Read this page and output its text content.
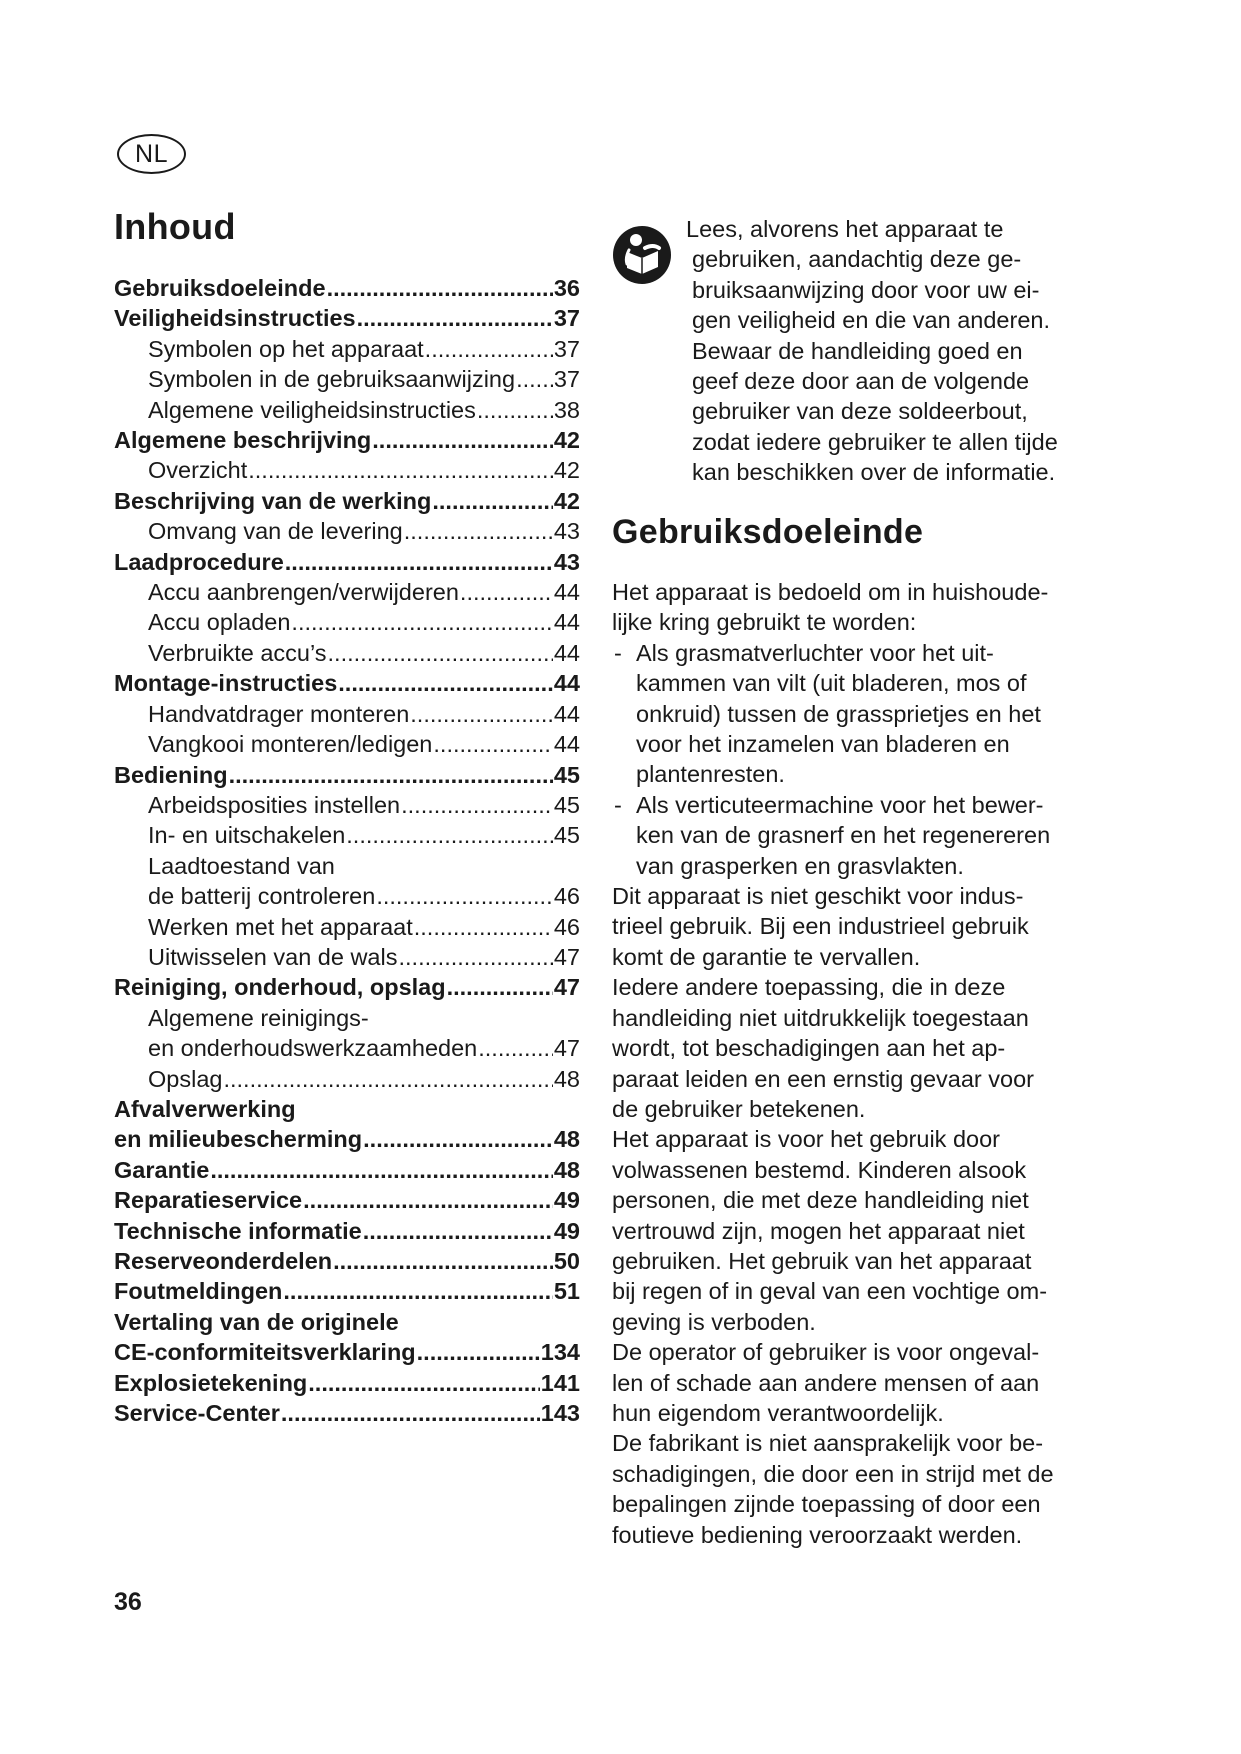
NL
Inhoud
Gebruiksdoeleinde .....	36
Veiligheidsinstructies .....	37
Symbolen op het apparaat .....	37
Symbolen in de gebruiksaanwijzing ..... 37
Algemene veiligheidsinstructies .....	38
Algemene beschrijving .....	42
Overzicht .....	42
Beschrijving van de werking .....	42
Omvang van de levering .....	43
Laadprocedure .....	43
Accu aanbrengen/verwijderen .....	44
Accu opladen .....	44
Verbruikte accu’s .....	44
Montage-instructies .....	44
Handvatdrager monteren .....	44
Vangkooi monteren/ledigen .....	44
Bediening .....	45
Arbeidsposities instellen .....	45
In- en uitschakelen .....	45
Laadtoestand van
de batterij controleren .....	46
Werken met het apparaat .....	46
Uitwisselen van de wals .....	47
Reiniging, onderhoud, opslag .....	47
Algemene reinigings-
en onderhoudswerkzaamheden .....	47
Opslag .....	48
Afvalverwerking
en milieubescherming .....	48
Garantie .....	48
Reparatieservice .....	49
Technische informatie .....	49
Reserveonderdelen .....	50
Foutmeldingen .....	51
Vertaling van de originele
CE-conformiteitsverklaring .....	134
Explosietekening .....	141
Service-Center .....	143

Lees, alvorens het apparaat te

gebruiken, aandachtig deze ge-

bruiksaanwijzing door voor uw ei-

gen veiligheid en die van anderen.

Bewaar de handleiding goed en

geef deze door aan de volgende

gebruiker van deze soldeerbout,

zodat iedere gebruiker te allen tijde

kan beschikken over de informatie.

Gebruiksdoeleinde

Het apparaat is bedoeld om in huishoude-

lijke kring gebruikt te worden:

- Als grasmatverluchter voor het uit-

kammen van vilt (uit bladeren, mos of

onkruid) tussen de grassprietjes en het

voor het inzamelen van bladeren en

plantenresten.

- Als verticuteermachine voor het bewer-

ken van de grasnerf en het regenereren

van grasperken en grasvlakten.

Dit apparaat is niet geschikt voor indus-

trieel gebruik. Bij een industrieel gebruik

komt de garantie te vervallen.

Iedere andere toepassing, die in deze

handleiding niet uitdrukkelijk toegestaan

wordt, tot beschadigingen aan het ap-

paraat leiden en een ernstig gevaar voor

de gebruiker betekenen.

Het apparaat is voor het gebruik door

volwassenen bestemd. Kinderen alsook

personen, die met deze handleiding niet

vertrouwd zijn, mogen het apparaat niet

gebruiken. Het gebruik van het apparaat

bij regen of in geval van een vochtige om-

geving is verboden.

De operator of gebruiker is voor ongeval-

len of schade aan andere mensen of aan

hun eigendom verantwoordelijk.

De fabrikant is niet aansprakelijk voor be-

schadigingen, die door een in strijd met de

bepalingen zijnde toepassing of door een

foutieve bediening veroorzaakt werden.

36
